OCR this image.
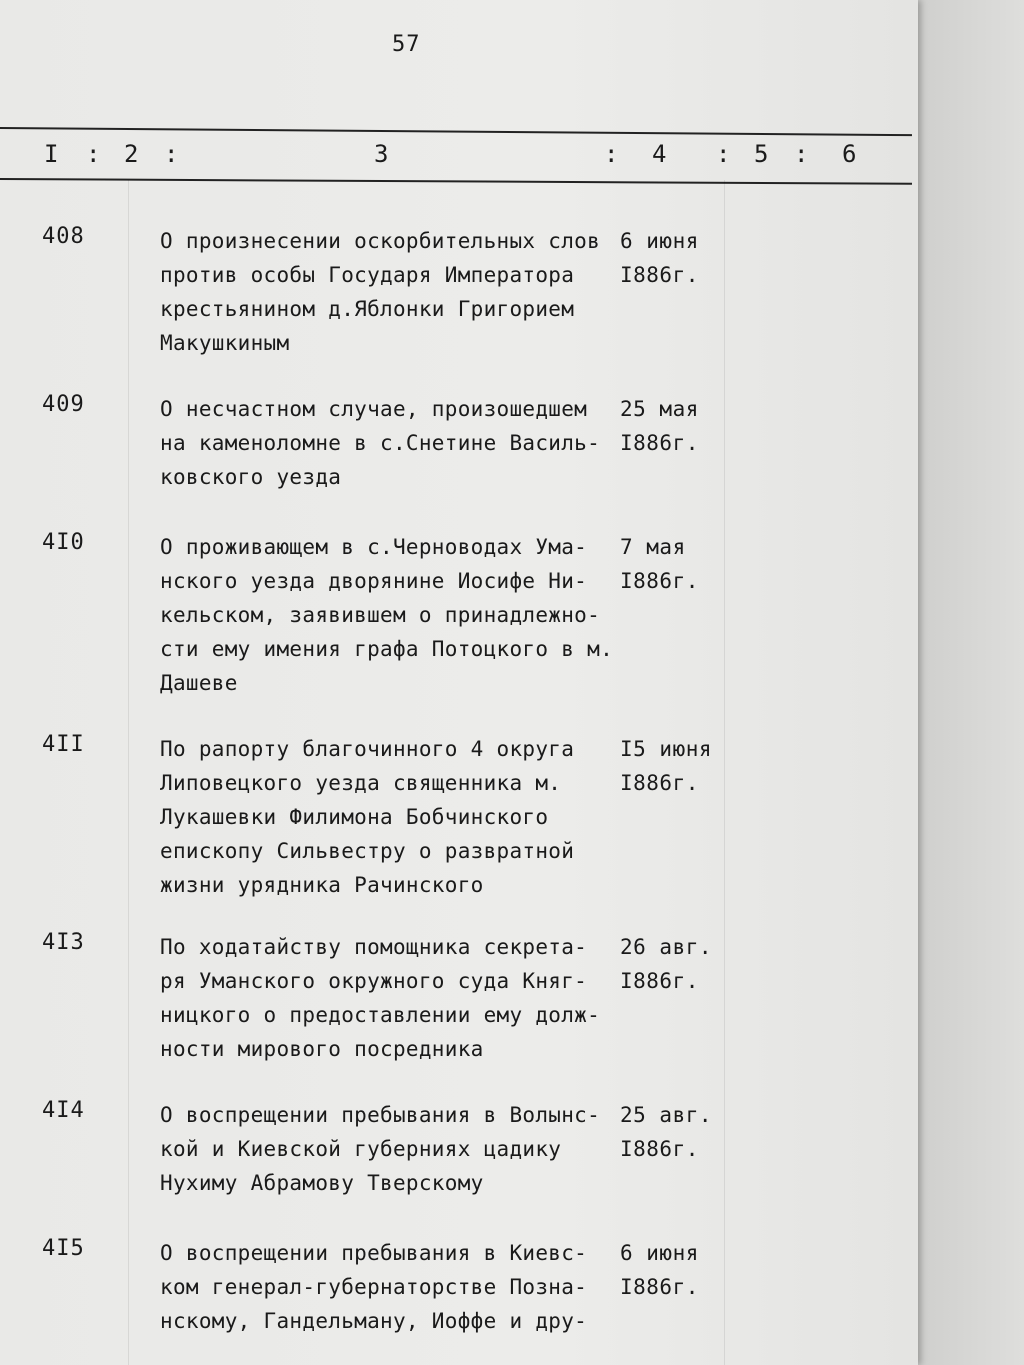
57
I : 2 :	3	: 4 : 5 : 6
408	О произнесении оскорбительных слов
против особы Государя Императора
крестьянином д.Яблонки Григорием
Макушкиным
6 июня
I886г.
409	О несчастном случае, произошедшем
на каменоломне в с.Снетине Василь-
ковского уезда
25 мая
I886г.
4I0	О проживающем в с.Черноводах Ума-
нского уезда дворянине Иосифе Ни-
кельском, заявившем о принадлежно-
сти ему имения графа Потоцкого в м.
Дашеве
7 мая
I886г.
4II	По рапорту благочинного 4 округа
Липовецкого уезда священника м.
Лукашевки Филимона Бобчинского
епископу Сильвестру о развратной
жизни урядника Рачинского
I5 июня
I886г.
4I3	По ходатайству помощника секрета-
ря Уманского окружного суда Княг-
ницкого о предоставлении ему долж-
ности мирового посредника
26 авг.
I886г.
4I4	О воспрещении пребывания в Волынс-
кой и Киевской губерниях цадику
Нухиму Абрамову Тверскому
25 авг.
I886г.
4I5	О воспрещении пребывания в Киевс-
ком генерал-губернаторстве Позна-
нскому, Гандельману, Иоффе и дру-
6 июня
I886г.
